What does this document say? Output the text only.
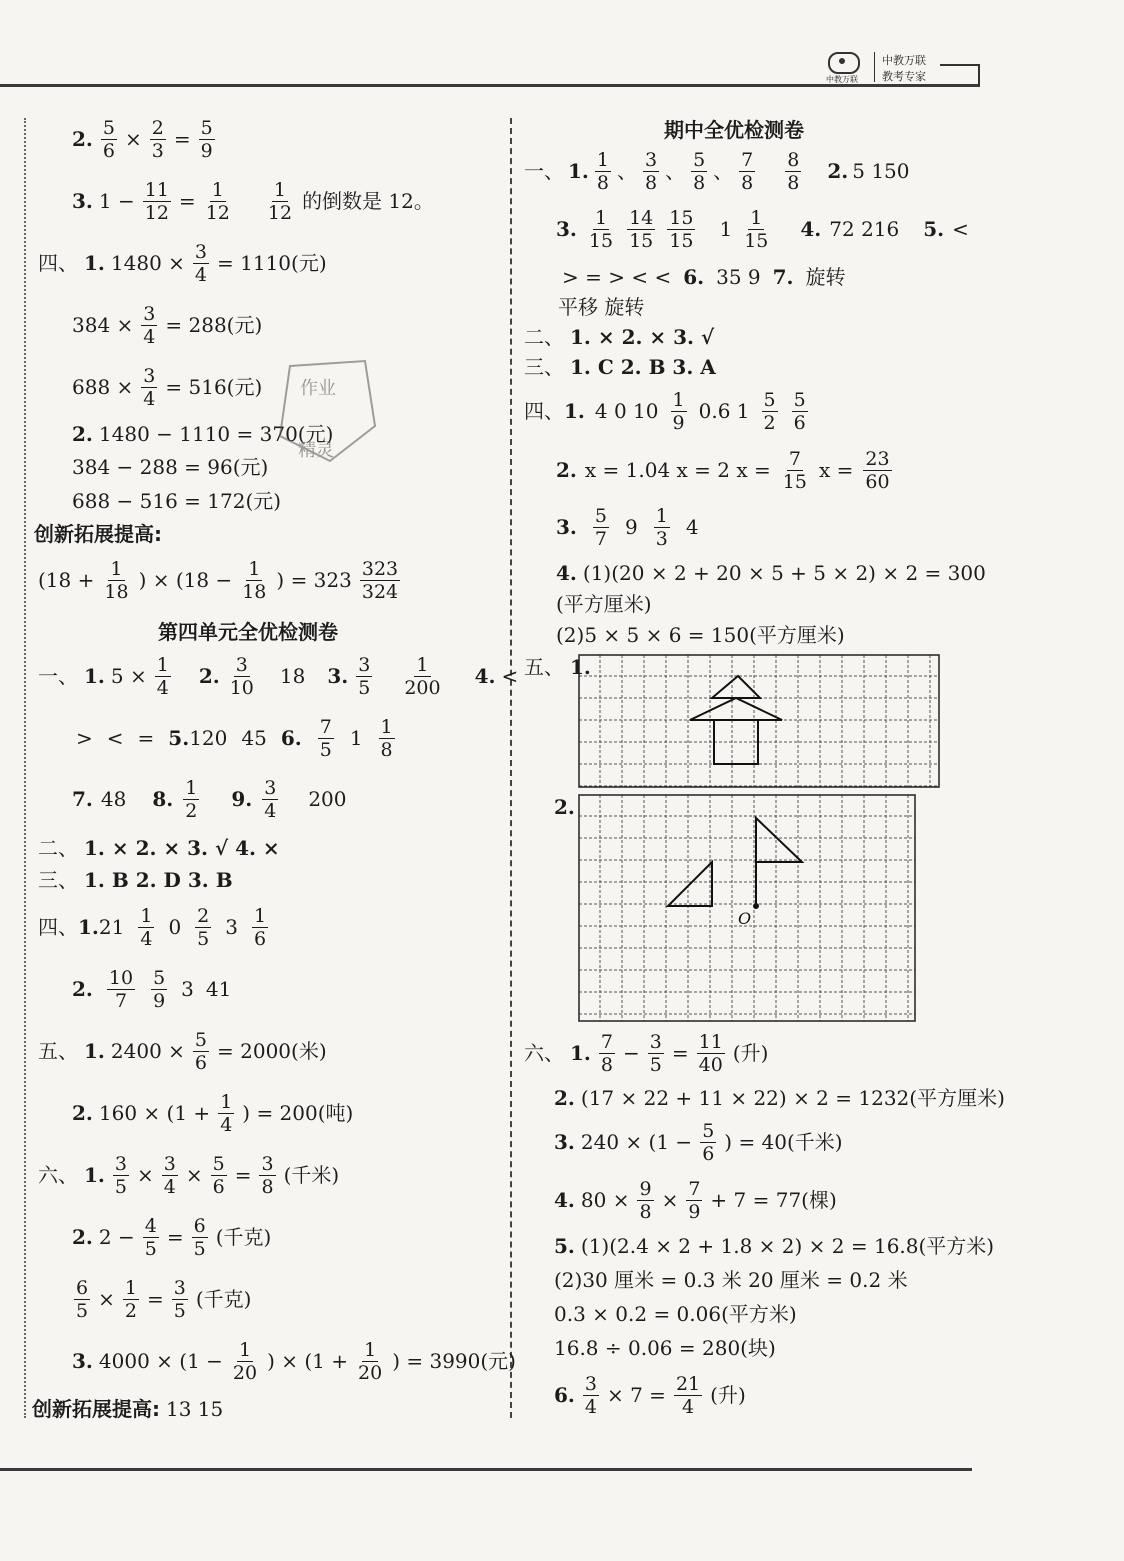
中教万联
中教万联
教考专家
2. $\frac{5}{6} \times \frac{2}{3} = \frac{5}{9}$
3. $1 - \frac{11}{12} = \frac{1}{12} 1$
12 的倒数是 12。
四、 1. $1480 \times \frac{3}{4} = 1110$(元)
$384 \times \frac{3}{4} = 288$(元)
$688 \times \frac{3}{4} = 516$(元)
2. 1480 − 1110 = 370(元)
384 − 288 = 96(元)
688 − 516 = 172(元)
创新拓展提高:
($18 + \frac{1}{18}$ ) × ($18 - \frac{1}{18}$ ) = 323 323
324
第四单元全优检测卷
一、 1. $5 \times \frac{1}{4} 2$. 3
10 18 3. 3
5
1
200 4. <
> < = 5.120 45 6. 7
5 1 1
8
7. 48 8. 1
2 9. 3
4 200
二、 1. × 2. × 3. √ 4. ×
三、 1. B 2. D 3. B
四、1.21 1
4 0 2
5 3 1
6
2. 10
7
5
9 3 41
五、 1. $2400 \times \frac{5}{6} = 2000$(米)
2. $160 \times (1 + \frac{1}{4}$ ) = 200(吨)
六、 1. $\frac{3}{5} \times \frac{3}{4} \times \frac{5}{6} = \frac{3}{8}$ (千米)
2. $2 - \frac{4}{5} = \frac{6}{5}$ (千克)
$\frac{6}{5} \times \frac{1}{2} = \frac{3}{5}$ (千克)
3. $4000 \times (1 - \frac{1}{20}$ ) × ($1 + \frac{1}{20}$ ) = 3990(元)
创新拓展提高: 13 15
作业
精灵
期中全优检测卷
一、 1. 1
8 、 3
8 、 5
8 、 7
8
8
8 2. 5 150
3. 1
15
14
15
15
15 1 1
15 4. 72 216 5. <
> = > < < 6. 35 9 7. 旋转
平移 旋转
二、 1. × 2. × 3. √
三、 1. C 2. B 3. A
四、1. 4 0 10 1
9 0.6 1 5
2
5
6
2. x = 1.04 x = 2 $x = \frac{7}{15}$ $x = \frac{23}{60}$
3. 5
7 9 1
3 4
4. (1)(20 × 2 + 20 × 5 + 5 × 2) × 2 = 300
(平方厘米)
(2)5 × 5 × 6 = 150(平方厘米)
五、 1.
2.
O
六、 1. 7
$8 - \frac{3}{5} = \frac{11}{40}$ (升)
2. (17 × 22 + 11 × 22) × 2 = 1232(平方厘米)
3. $240 \times (1 - \frac{5}{6}$ ) = 40(千米)
4. $80 \times \frac{9}{8} \times \frac{7}{9} + 7 = 77$(棵)
5. (1)(2.4 × 2 + 1.8 × 2) × 2 = 16.8(平方米)
(2)30 厘米 = 0.3 米 20 厘米 = 0.2 米
0.3 × 0.2 = 0.06(平方米)
16.8 ÷ 0.06 = 280(块)
6. $\frac{3}{4} \times 7 = \frac{21}{4}$ (升)
